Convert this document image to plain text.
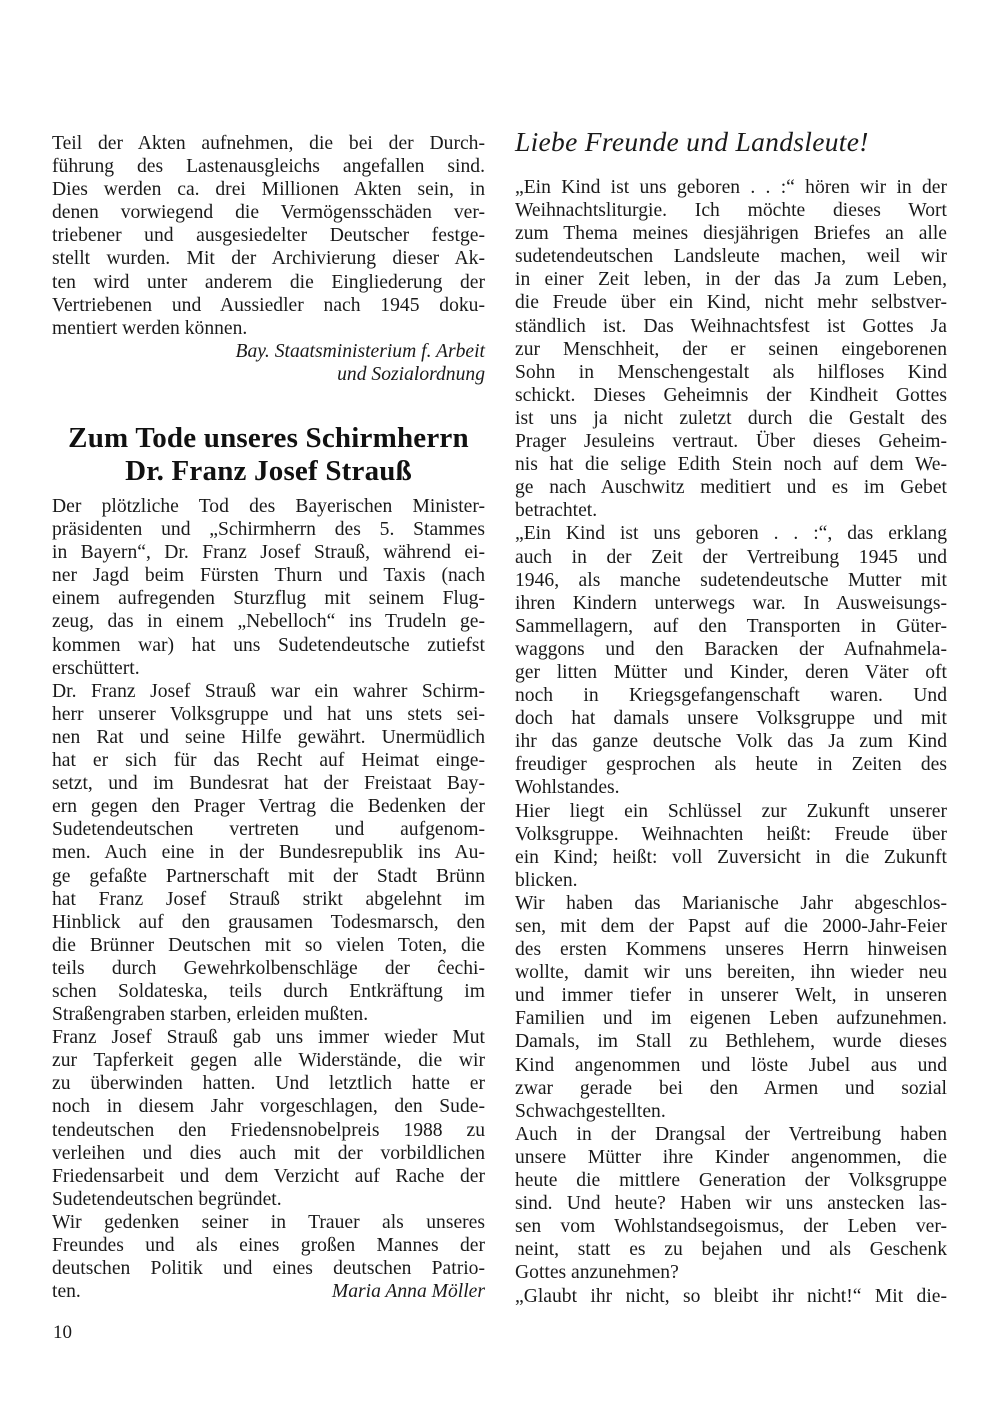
Teil der Akten aufnehmen, die bei der Durch-
führung des Lastenausgleichs angefallen sind.
Dies werden ca. drei Millionen Akten sein, in
denen vorwiegend die Vermögensschäden ver-
triebener und ausgesiedelter Deutscher festge-
stellt wurden. Mit der Archivierung dieser Ak-
ten wird unter anderem die Eingliederung der
Vertriebenen und Aussiedler nach 1945 doku-
mentiert werden können.
Bay. Staatsministerium f. Arbeit
und Sozialordnung
Zum Tode unseres Schirmherrn
Dr. Franz Josef Strauß
Der plötzliche Tod des Bayerischen Minister-
präsidenten und „Schirmherrn des 5. Stammes
in Bayern“, Dr. Franz Josef Strauß, während ei-
ner Jagd beim Fürsten Thurn und Taxis (nach
einem aufregenden Sturzflug mit seinem Flug-
zeug, das in einem „Nebelloch“ ins Trudeln ge-
kommen war) hat uns Sudetendeutsche zutiefst
erschüttert.
Dr. Franz Josef Strauß war ein wahrer Schirm-
herr unserer Volksgruppe und hat uns stets sei-
nen Rat und seine Hilfe gewährt. Unermüdlich
hat er sich für das Recht auf Heimat einge-
setzt, und im Bundesrat hat der Freistaat Bay-
ern gegen den Prager Vertrag die Bedenken der
Sudetendeutschen vertreten und aufgenom-
men. Auch eine in der Bundesrepublik ins Au-
ge gefaßte Partnerschaft mit der Stadt Brünn
hat Franz Josef Strauß strikt abgelehnt im
Hinblick auf den grausamen Todesmarsch, den
die Brünner Deutschen mit so vielen Toten, die
teils durch Gewehrkolbenschläge der ĉechi-
schen Soldateska, teils durch Entkräftung im
Straßengraben starben, erleiden mußten.
Franz Josef Strauß gab uns immer wieder Mut
zur Tapferkeit gegen alle Widerstände, die wir
zu überwinden hatten. Und letztlich hatte er
noch in diesem Jahr vorgeschlagen, den Sude-
tendeutschen den Friedensnobelpreis 1988 zu
verleihen und dies auch mit der vorbildlichen
Friedensarbeit und dem Verzicht auf Rache der
Sudetendeutschen begründet.
Wir gedenken seiner in Trauer als unseres
Freundes und als eines großen Mannes der
deutschen Politik und eines deutschen Patrio-
ten.	Maria Anna Möller
Liebe Freunde und Landsleute!
„Ein Kind ist uns geboren . . :“ hören wir in der
Weihnachtsliturgie. Ich möchte dieses Wort
zum Thema meines diesjährigen Briefes an alle
sudetendeutschen Landsleute machen, weil wir
in einer Zeit leben, in der das Ja zum Leben,
die Freude über ein Kind, nicht mehr selbstver-
ständlich ist. Das Weihnachtsfest ist Gottes Ja
zur Menschheit, der er seinen eingeborenen
Sohn in Menschengestalt als hilfloses Kind
schickt. Dieses Geheimnis der Kindheit Gottes
ist uns ja nicht zuletzt durch die Gestalt des
Prager Jesuleins vertraut. Über dieses Geheim-
nis hat die selige Edith Stein noch auf dem We-
ge nach Auschwitz meditiert und es im Gebet
betrachtet.
„Ein Kind ist uns geboren . . :“, das erklang
auch in der Zeit der Vertreibung 1945 und
1946, als manche sudetendeutsche Mutter mit
ihren Kindern unterwegs war. In Ausweisungs-
Sammellagern, auf den Transporten in Güter-
waggons und den Baracken der Aufnahmela-
ger litten Mütter und Kinder, deren Väter oft
noch in Kriegsgefangenschaft waren. Und
doch hat damals unsere Volksgruppe und mit
ihr das ganze deutsche Volk das Ja zum Kind
freudiger gesprochen als heute in Zeiten des
Wohlstandes.
Hier liegt ein Schlüssel zur Zukunft unserer
Volksgruppe. Weihnachten heißt: Freude über
ein Kind; heißt: voll Zuversicht in die Zukunft
blicken.
Wir haben das Marianische Jahr abgeschlos-
sen, mit dem der Papst auf die 2000-Jahr-Feier
des ersten Kommens unseres Herrn hinweisen
wollte, damit wir uns bereiten, ihn wieder neu
und immer tiefer in unserer Welt, in unseren
Familien und im eigenen Leben aufzunehmen.
Damals, im Stall zu Bethlehem, wurde dieses
Kind angenommen und löste Jubel aus und
zwar gerade bei den Armen und sozial
Schwachgestellten.
Auch in der Drangsal der Vertreibung haben
unsere Mütter ihre Kinder angenommen, die
heute die mittlere Generation der Volksgruppe
sind. Und heute? Haben wir uns anstecken las-
sen vom Wohlstandsegoismus, der Leben ver-
neint, statt es zu bejahen und als Geschenk
Gottes anzunehmen?
„Glaubt ihr nicht, so bleibt ihr nicht!“ Mit die-
10
